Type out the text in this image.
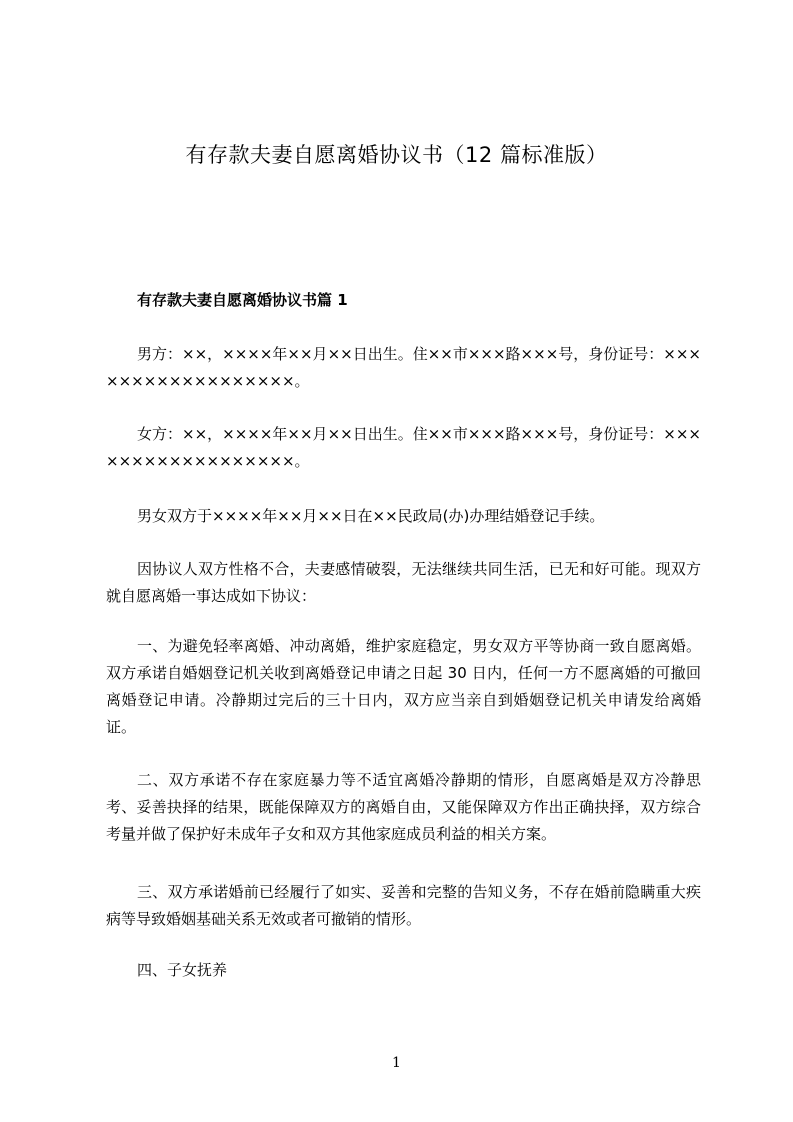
有存款夫妻自愿离婚协议书（12 篇标准版）
有存款夫妻自愿离婚协议书篇 1
男方：××，××××年××月××日出生。住××市×××路×××号，身份证号：××××××××××××××××××。
女方：××，××××年××月××日出生。住××市×××路×××号，身份证号：××××××××××××××××××。
男女双方于××××年××月××日在××民政局(办)办理结婚登记手续。
因协议人双方性格不合，夫妻感情破裂，无法继续共同生活，已无和好可能。现双方就自愿离婚一事达成如下协议：
一、为避免轻率离婚、冲动离婚，维护家庭稳定，男女双方平等协商一致自愿离婚。双方承诺自婚姻登记机关收到离婚登记申请之日起 30 日内，任何一方不愿离婚的可撤回离婚登记申请。冷静期过完后的三十日内，双方应当亲自到婚姻登记机关申请发给离婚证。
二、双方承诺不存在家庭暴力等不适宜离婚冷静期的情形，自愿离婚是双方冷静思考、妥善抉择的结果，既能保障双方的离婚自由，又能保障双方作出正确抉择，双方综合考量并做了保护好未成年子女和双方其他家庭成员利益的相关方案。
三、双方承诺婚前已经履行了如实、妥善和完整的告知义务，不存在婚前隐瞒重大疾病等导致婚姻基础关系无效或者可撤销的情形。
四、子女抚养
1
